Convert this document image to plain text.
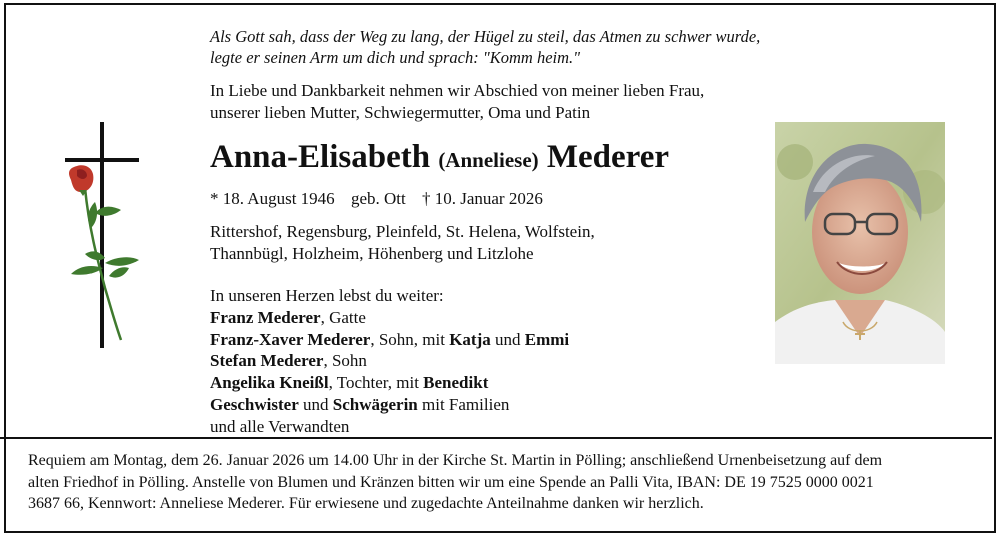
Als Gott sah, dass der Weg zu lang, der Hügel zu steil, das Atmen zu schwer wurde,
legte er seinen Arm um dich und sprach: "Komm heim."
In Liebe und Dankbarkeit nehmen wir Abschied von meiner lieben Frau,
unserer lieben Mutter, Schwiegermutter, Oma und Patin
Anna-Elisabeth (Anneliese) Mederer
* 18. August 1946 geb. Ott † 10. Januar 2026
Rittershof, Regensburg, Pleinfeld, St. Helena, Wolfstein,
Thannbügl, Holzheim, Höhenberg und Litzlohe
In unseren Herzen lebst du weiter:
Franz Mederer, Gatte
Franz-Xaver Mederer, Sohn, mit Katja und Emmi
Stefan Mederer, Sohn
Angelika Kneißl, Tochter, mit Benedikt
Geschwister und Schwägerin mit Familien
und alle Verwandten
Requiem am Montag, dem 26. Januar 2026 um 14.00 Uhr in der Kirche St. Martin in Pölling; anschließend Urnenbeisetzung auf dem
alten Friedhof in Pölling. Anstelle von Blumen und Kränzen bitten wir um eine Spende an Palli Vita, IBAN: DE 19 7525 0000 0021
3687 66, Kennwort: Anneliese Mederer. Für erwiesene und zugedachte Anteilnahme danken wir herzlich.
